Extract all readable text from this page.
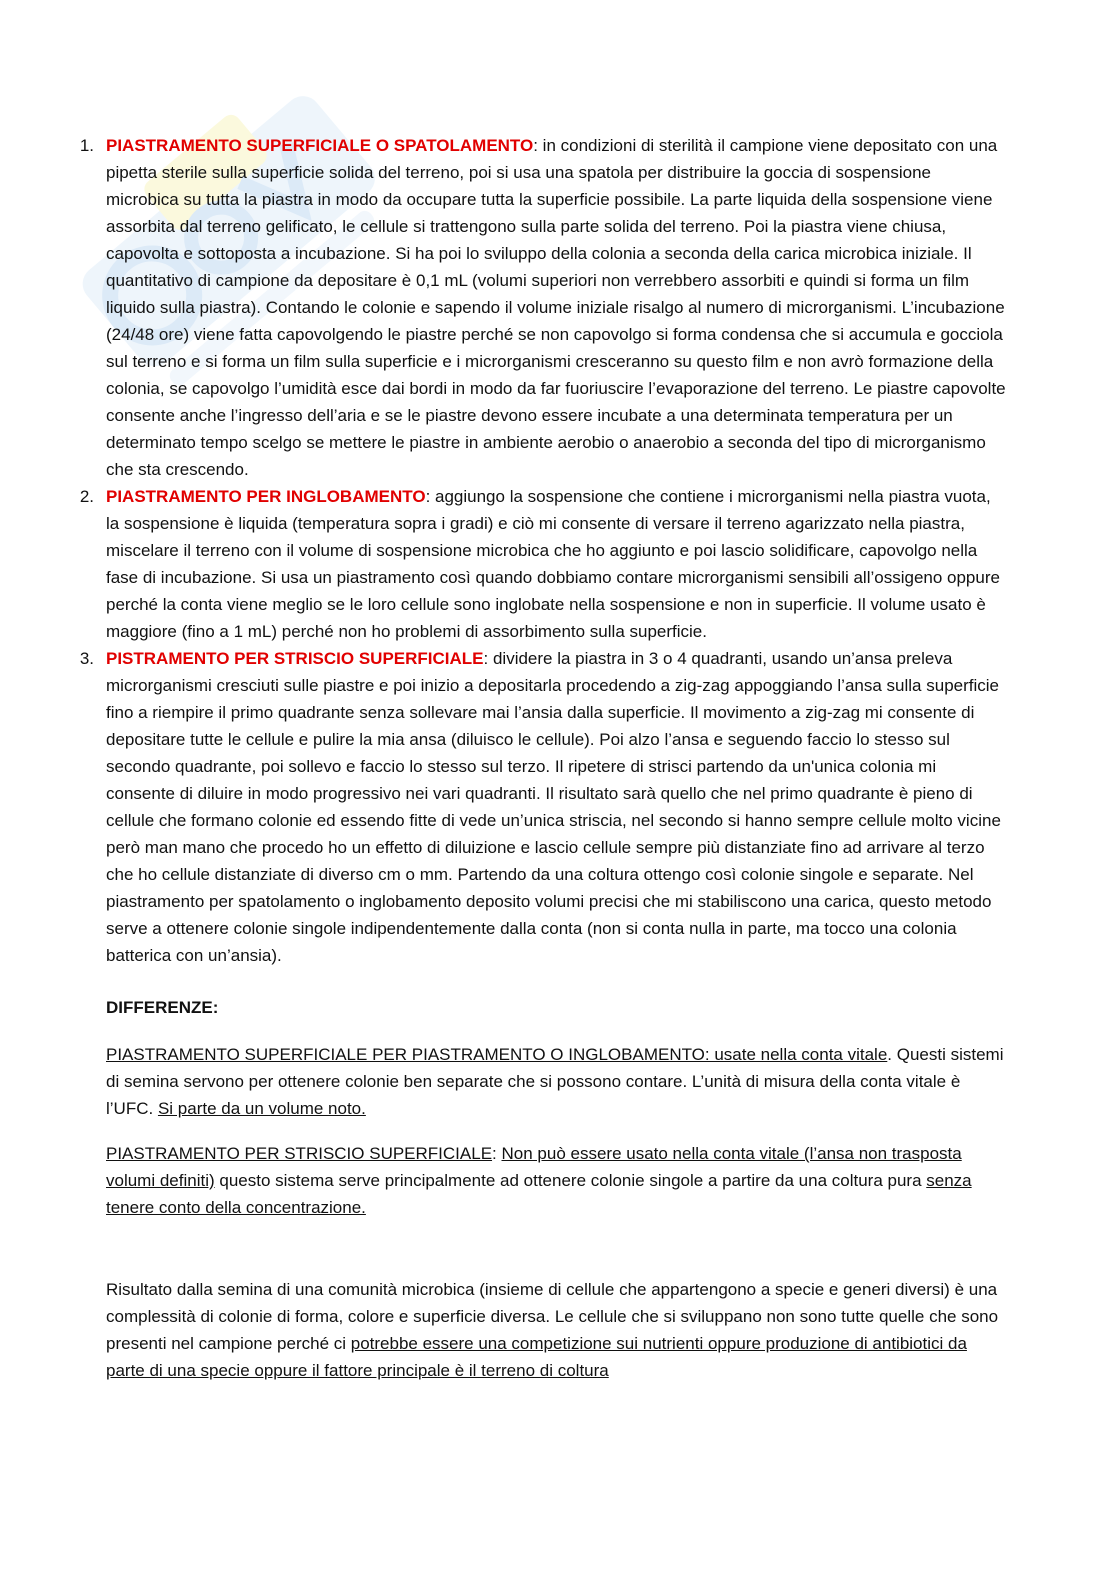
1. PIASTRAMENTO SUPERFICIALE O SPATOLAMENTO: in condizioni di sterilità il campione viene depositato con una pipetta sterile sulla superficie solida del terreno, poi si usa una spatola per distribuire la goccia di sospensione microbica su tutta la piastra in modo da occupare tutta la superficie possibile. La parte liquida della sospensione viene assorbita dal terreno gelificato, le cellule si trattengono sulla parte solida del terreno. Poi la piastra viene chiusa, capovolta e sottoposta a incubazione. Si ha poi lo sviluppo della colonia a seconda della carica microbica iniziale. Il quantitativo di campione da depositare è 0,1 mL (volumi superiori non verrebbero assorbiti e quindi si forma un film liquido sulla piastra). Contando le colonie e sapendo il volume iniziale risalgo al numero di microrganismi. L’incubazione (24/48 ore) viene fatta capovolgendo le piastre perché se non capovolgo si forma condensa che si accumula e gocciola sul terreno e si forma un film sulla superficie e i microrganismi cresceranno su questo film e non avrò formazione della colonia, se capovolgo l’umidità esce dai bordi in modo da far fuoriuscire l’evaporazione del terreno. Le piastre capovolte consente anche l’ingresso dell’aria e se le piastre devono essere incubate a una determinata temperatura per un determinato tempo scelgo se mettere le piastre in ambiente aerobio o anaerobio a seconda del tipo di microrganismo che sta crescendo.
2. PIASTRAMENTO PER INGLOBAMENTO: aggiungo la sospensione che contiene i microrganismi nella piastra vuota, la sospensione è liquida (temperatura sopra i gradi) e ciò mi consente di versare il terreno agarizzato nella piastra, miscelare il terreno con il volume di sospensione microbica che ho aggiunto e poi lascio solidificare, capovolgo nella fase di incubazione. Si usa un piastramento così quando dobbiamo contare microrganismi sensibili all’ossigeno oppure perché la conta viene meglio se le loro cellule sono inglobate nella sospensione e non in superficie. Il volume usato è maggiore (fino a 1 mL) perché non ho problemi di assorbimento sulla superficie.
3. PISTRAMENTO PER STRISCIO SUPERFICIALE: dividere la piastra in 3 o 4 quadranti, usando un’ansa preleva microrganismi cresciuti sulle piastre e poi inizio a depositarla procedendo a zig-zag appoggiando l’ansa sulla superficie fino a riempire il primo quadrante senza sollevare mai l’ansia dalla superficie. Il movimento a zig-zag mi consente di depositare tutte le cellule e pulire la mia ansa (diluisco le cellule). Poi alzo l’ansa e seguendo faccio lo stesso sul secondo quadrante, poi sollevo e faccio lo stesso sul terzo. Il ripetere di strisci partendo da un'unica colonia mi consente di diluire in modo progressivo nei vari quadranti. Il risultato sarà quello che nel primo quadrante è pieno di cellule che formano colonie ed essendo fitte di vede un’unica striscia, nel secondo si hanno sempre cellule molto vicine però man mano che procedo ho un effetto di diluizione e lascio cellule sempre più distanziate fino ad arrivare al terzo che ho cellule distanziate di diverso cm o mm. Partendo da una coltura ottengo così colonie singole e separate. Nel piastramento per spatolamento o inglobamento deposito volumi precisi che mi stabiliscono una carica, questo metodo serve a ottenere colonie singole indipendentemente dalla conta (non si conta nulla in parte, ma tocco una colonia batterica con un’ansia).

DIFFERENZE:

PIASTRAMENTO SUPERFICIALE PER PIASTRAMENTO O INGLOBAMENTO: usate nella conta vitale. Questi sistemi di semina servono per ottenere colonie ben separate che si possono contare. L’unità di misura della conta vitale è l’UFC. Si parte da un volume noto.

PIASTRAMENTO PER STRISCIO SUPERFICIALE: Non può essere usato nella conta vitale (l’ansa non trasposta volumi definiti) questo sistema serve principalmente ad ottenere colonie singole a partire da una coltura pura senza tenere conto della concentrazione.

Risultato dalla semina di una comunità microbica (insieme di cellule che appartengono a specie e generi diversi) è una complessità di colonie di forma, colore e superficie diversa. Le cellule che si sviluppano non sono tutte quelle che sono presenti nel campione perché ci potrebbe essere una competizione sui nutrienti oppure produzione di antibiotici da parte di una specie oppure il fattore principale è il terreno di coltura
